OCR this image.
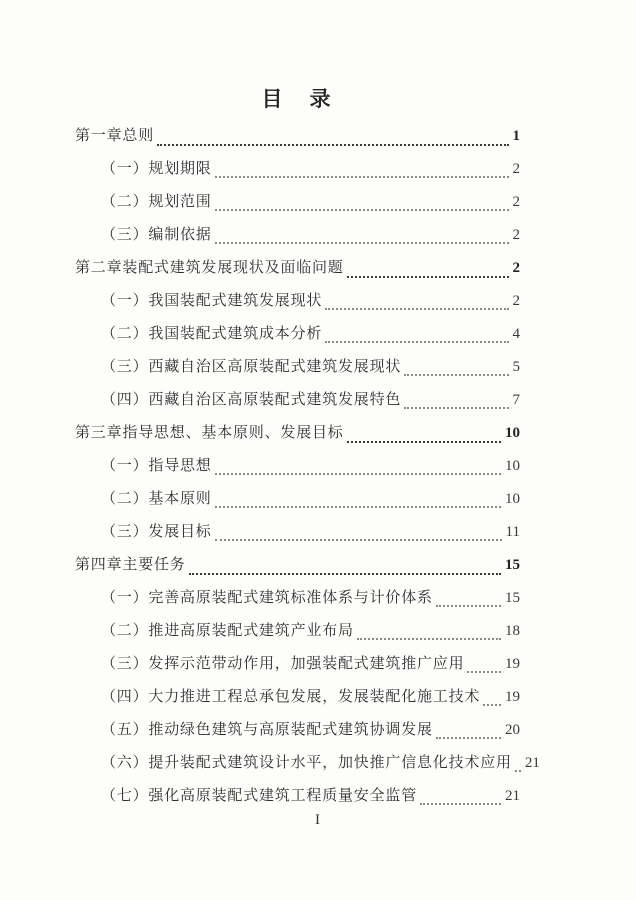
目　录
第一章总则	1
（一）规划期限	2
（二）规划范围	2
（三）编制依据	2
第二章装配式建筑发展现状及面临问题	2
（一）我国装配式建筑发展现状	2
（二）我国装配式建筑成本分析	4
（三）西藏自治区高原装配式建筑发展现状	5
（四）西藏自治区高原装配式建筑发展特色	7
第三章指导思想、基本原则、发展目标	10
（一）指导思想	10
（二）基本原则	10
（三）发展目标	11
第四章主要任务	15
（一）完善高原装配式建筑标准体系与计价体系	15
（二）推进高原装配式建筑产业布局	18
（三）发挥示范带动作用，加强装配式建筑推广应用	19
（四）大力推进工程总承包发展，发展装配化施工技术 19
（五）推动绿色建筑与高原装配式建筑协调发展	20
（六）提升装配式建筑设计水平，加快推广信息化技术应用 21
（七）强化高原装配式建筑工程质量安全监管	21
I
